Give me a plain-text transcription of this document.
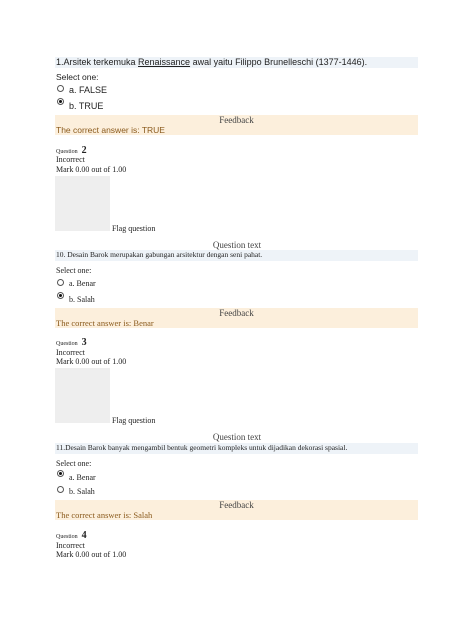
1.Arsitek terkemuka Renaissance awal yaitu Filippo Brunelleschi (1377-1446).
Select one:
a. FALSE
b. TRUE
Feedback
The correct answer is: TRUE
Question 2
Incorrect
Mark 0.00 out of 1.00
Flag question
Question text
10. Desain Barok merupakan gabungan arsitektur dengan seni pahat.
Select one:
a. Benar
b. Salah
Feedback
The correct answer is: Benar
Question 3
Incorrect
Mark 0.00 out of 1.00
Flag question
Question text
11.Desain Barok banyak mengambil bentuk geometri kompleks untuk dijadikan dekorasi spasial.
Select one:
a. Benar
b. Salah
Feedback
The correct answer is: Salah
Question 4
Incorrect
Mark 0.00 out of 1.00
